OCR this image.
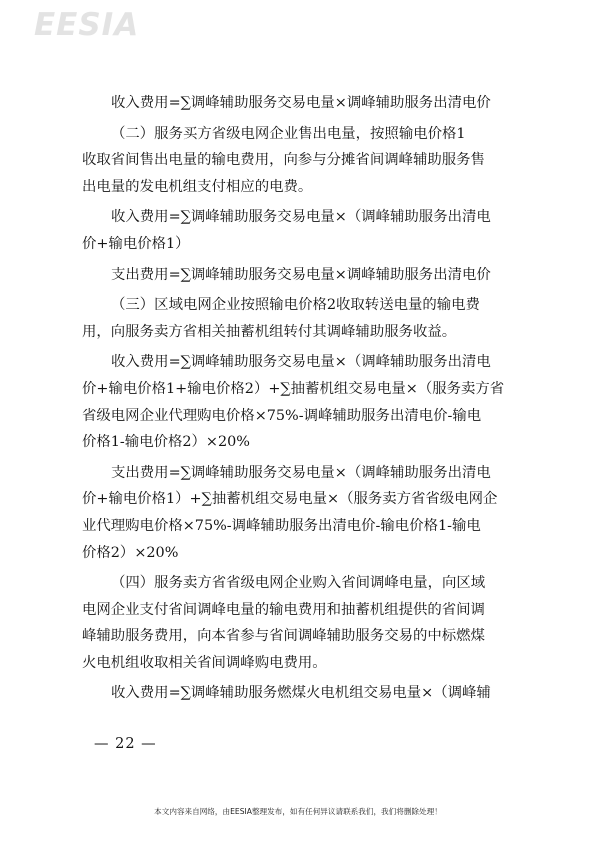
EESIA
收入费用=∑调峰辅助服务交易电量×调峰辅助服务出清电价
（二）服务买方省级电网企业售出电量，按照输电价格1
收取省间售出电量的输电费用，向参与分摊省间调峰辅助服务售
出电量的发电机组支付相应的电费。
收入费用=∑调峰辅助服务交易电量×（调峰辅助服务出清电
价+输电价格1）
支出费用=∑调峰辅助服务交易电量×调峰辅助服务出清电价
（三）区域电网企业按照输电价格2收取转送电量的输电费
用，向服务卖方省相关抽蓄机组转付其调峰辅助服务收益。
收入费用=∑调峰辅助服务交易电量×（调峰辅助服务出清电
价+输电价格1+输电价格2）+∑抽蓄机组交易电量×（服务卖方省
省级电网企业代理购电价格×75%-调峰辅助服务出清电价-输电
价格1-输电价格2）×20%
支出费用=∑调峰辅助服务交易电量×（调峰辅助服务出清电
价+输电价格1）+∑抽蓄机组交易电量×（服务卖方省省级电网企
业代理购电价格×75%-调峰辅助服务出清电价-输电价格1-输电
价格2）×20%
（四）服务卖方省省级电网企业购入省间调峰电量，向区域
电网企业支付省间调峰电量的输电费用和抽蓄机组提供的省间调
峰辅助服务费用，向本省参与省间调峰辅助服务交易的中标燃煤
火电机组收取相关省间调峰购电费用。
收入费用=∑调峰辅助服务燃煤火电机组交易电量×（调峰辅
— 22 —
本文内容来自网络，由EESIA整理发布，如有任何异议请联系我们，我们将删除处理！
